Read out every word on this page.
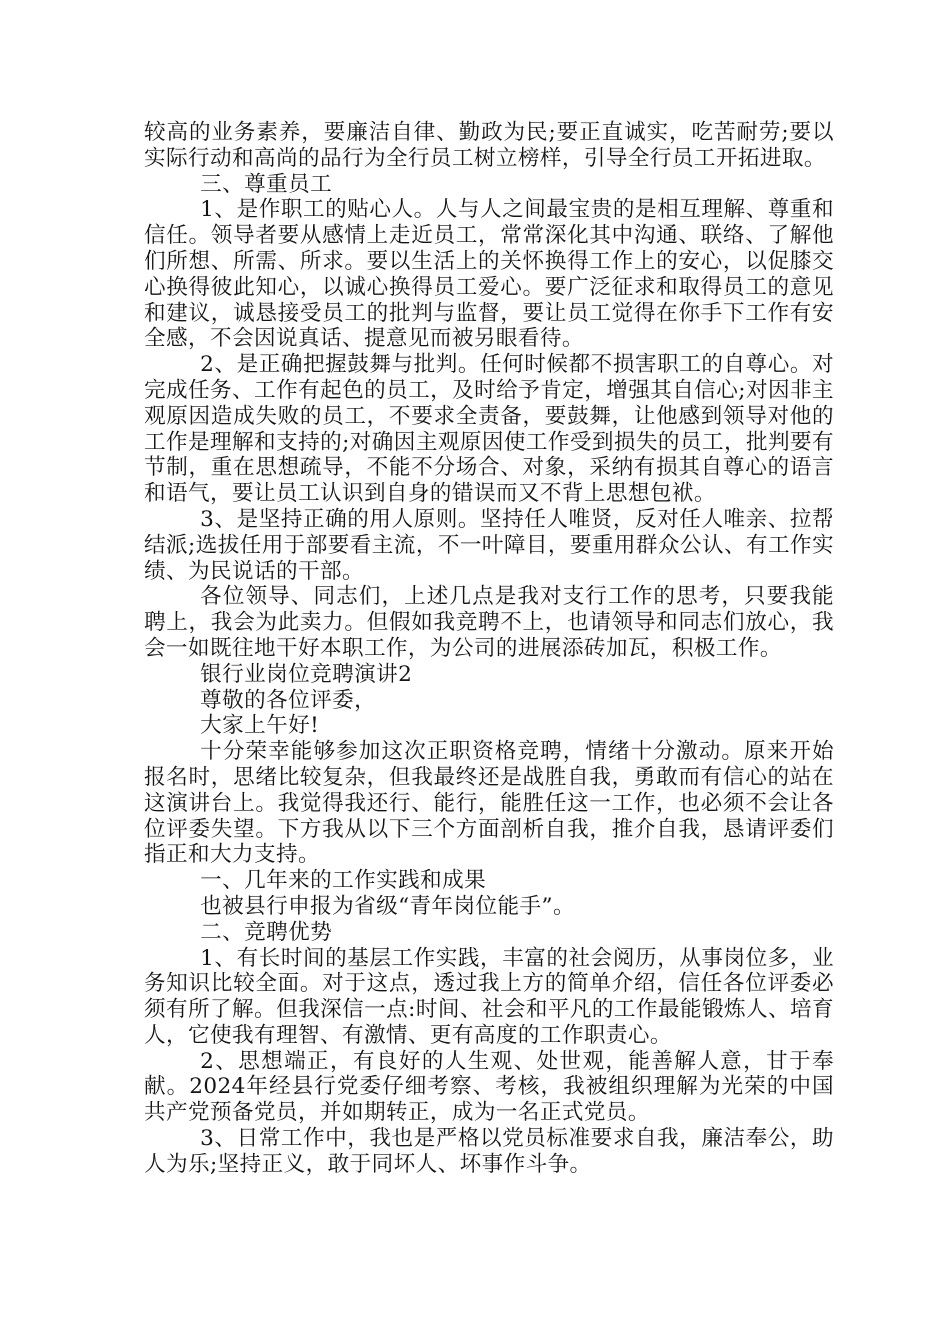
较高的业务素养，要廉洁自律、勤政为民;要正直诚实，吃苦耐劳;要以实际行动和高尚的品行为全行员工树立榜样，引导全行员工开拓进取。

三、尊重员工

1、是作职工的贴心人。人与人之间最宝贵的是相互理解、尊重和信任。领导者要从感情上走近员工，常常深化其中沟通、联络、了解他们所想、所需、所求。要以生活上的关怀换得工作上的安心，以促膝交心换得彼此知心，以诚心换得员工爱心。要广泛征求和取得员工的意见和建议，诚恳接受员工的批判与监督，要让员工觉得在你手下工作有安全感，不会因说真话、提意见而被另眼看待。

2、是正确把握鼓舞与批判。任何时候都不损害职工的自尊心。对完成任务、工作有起色的员工，及时给予肯定，增强其自信心;对因非主观原因造成失败的员工，不要求全责备，要鼓舞，让他感到领导对他的工作是理解和支持的;对确因主观原因使工作受到损失的员工，批判要有节制，重在思想疏导，不能不分场合、对象，采纳有损其自尊心的语言和语气，要让员工认识到自身的错误而又不背上思想包袱。

3、是坚持正确的用人原则。坚持任人唯贤，反对任人唯亲、拉帮结派;选拔任用于部要看主流，不一叶障目，要重用群众公认、有工作实绩、为民说话的干部。

各位领导、同志们，上述几点是我对支行工作的思考，只要我能聘上，我会为此卖力。但假如我竞聘不上，也请领导和同志们放心，我会一如既往地干好本职工作，为公司的进展添砖加瓦，积极工作。

银行业岗位竞聘演讲2

尊敬的各位评委，

大家上午好!

十分荣幸能够参加这次正职资格竞聘，情绪十分激动。原来开始报名时，思绪比较复杂，但我最终还是战胜自我，勇敢而有信心的站在这演讲台上。我觉得我还行、能行，能胜任这一工作，也必须不会让各位评委失望。下方我从以下三个方面剖析自我，推介自我，恳请评委们指正和大力支持。

一、几年来的工作实践和成果

也被县行申报为省级“青年岗位能手”。

二、竞聘优势

1、有长时间的基层工作实践，丰富的社会阅历，从事岗位多，业务知识比较全面。对于这点，透过我上方的简单介绍，信任各位评委必须有所了解。但我深信一点:时间、社会和平凡的工作最能锻炼人、培育人，它使我有理智、有激情、更有高度的工作职责心。

2、思想端正，有良好的人生观、处世观，能善解人意，甘于奉献。2024年经县行党委仔细考察、考核，我被组织理解为光荣的中国共产党预备党员，并如期转正，成为一名正式党员。

3、日常工作中，我也是严格以党员标准要求自我，廉洁奉公，助人为乐;坚持正义，敢于同坏人、坏事作斗争。
